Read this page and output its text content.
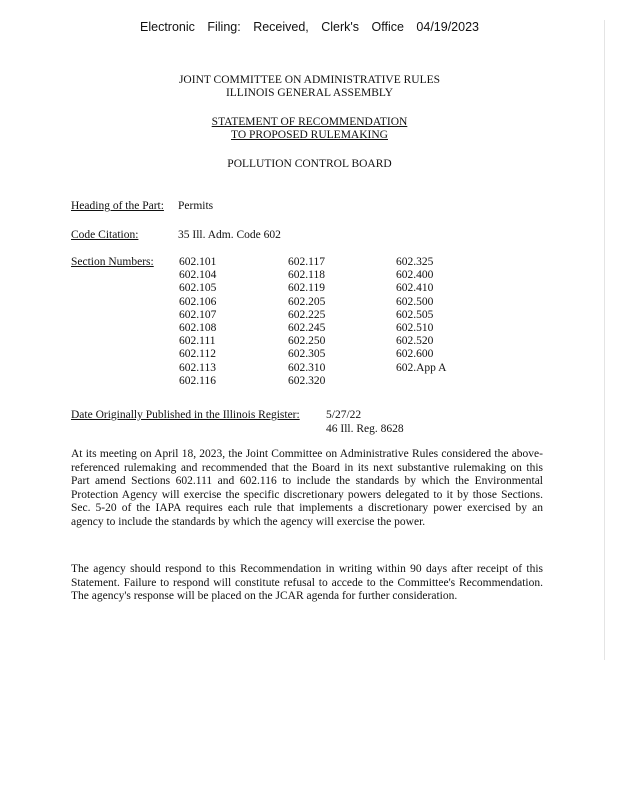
Electronic Filing: Received, Clerk's Office 04/19/2023
JOINT COMMITTEE ON ADMINISTRATIVE RULES
ILLINOIS GENERAL ASSEMBLY
STATEMENT OF RECOMMENDATION
TO PROPOSED RULEMAKING
POLLUTION CONTROL BOARD
Heading of the Part: Permits
Code Citation:	35 Ill. Adm. Code 602
Section Numbers: 602.101
602.104
602.105
602.106
602.107
602.108
602.111
602.112
602.113
602.116
602.117
602.118
602.119
602.205
602.225
602.245
602.250
602.305
602.310
602.320
602.325
602.400
602.410
602.500
602.505
602.510
602.520
602.600
602.App A
Date Originally Published in the Illinois Register: 5/27/22
46 Ill. Reg. 8628
At its meeting on April 18, 2023, the Joint Committee on Administrative Rules considered the above-referenced rulemaking and recommended that the Board in its next substantive rulemaking on this Part amend Sections 602.111 and 602.116 to include the standards by which the Environmental Protection Agency will exercise the specific discretionary powers delegated to it by those Sections. Sec. 5-20 of the IAPA requires each rule that implements a discretionary power exercised by an agency to include the standards by which the agency will exercise the power.
The agency should respond to this Recommendation in writing within 90 days after receipt of this Statement. Failure to respond will constitute refusal to accede to the Committee's Recommendation. The agency's response will be placed on the JCAR agenda for further consideration.
